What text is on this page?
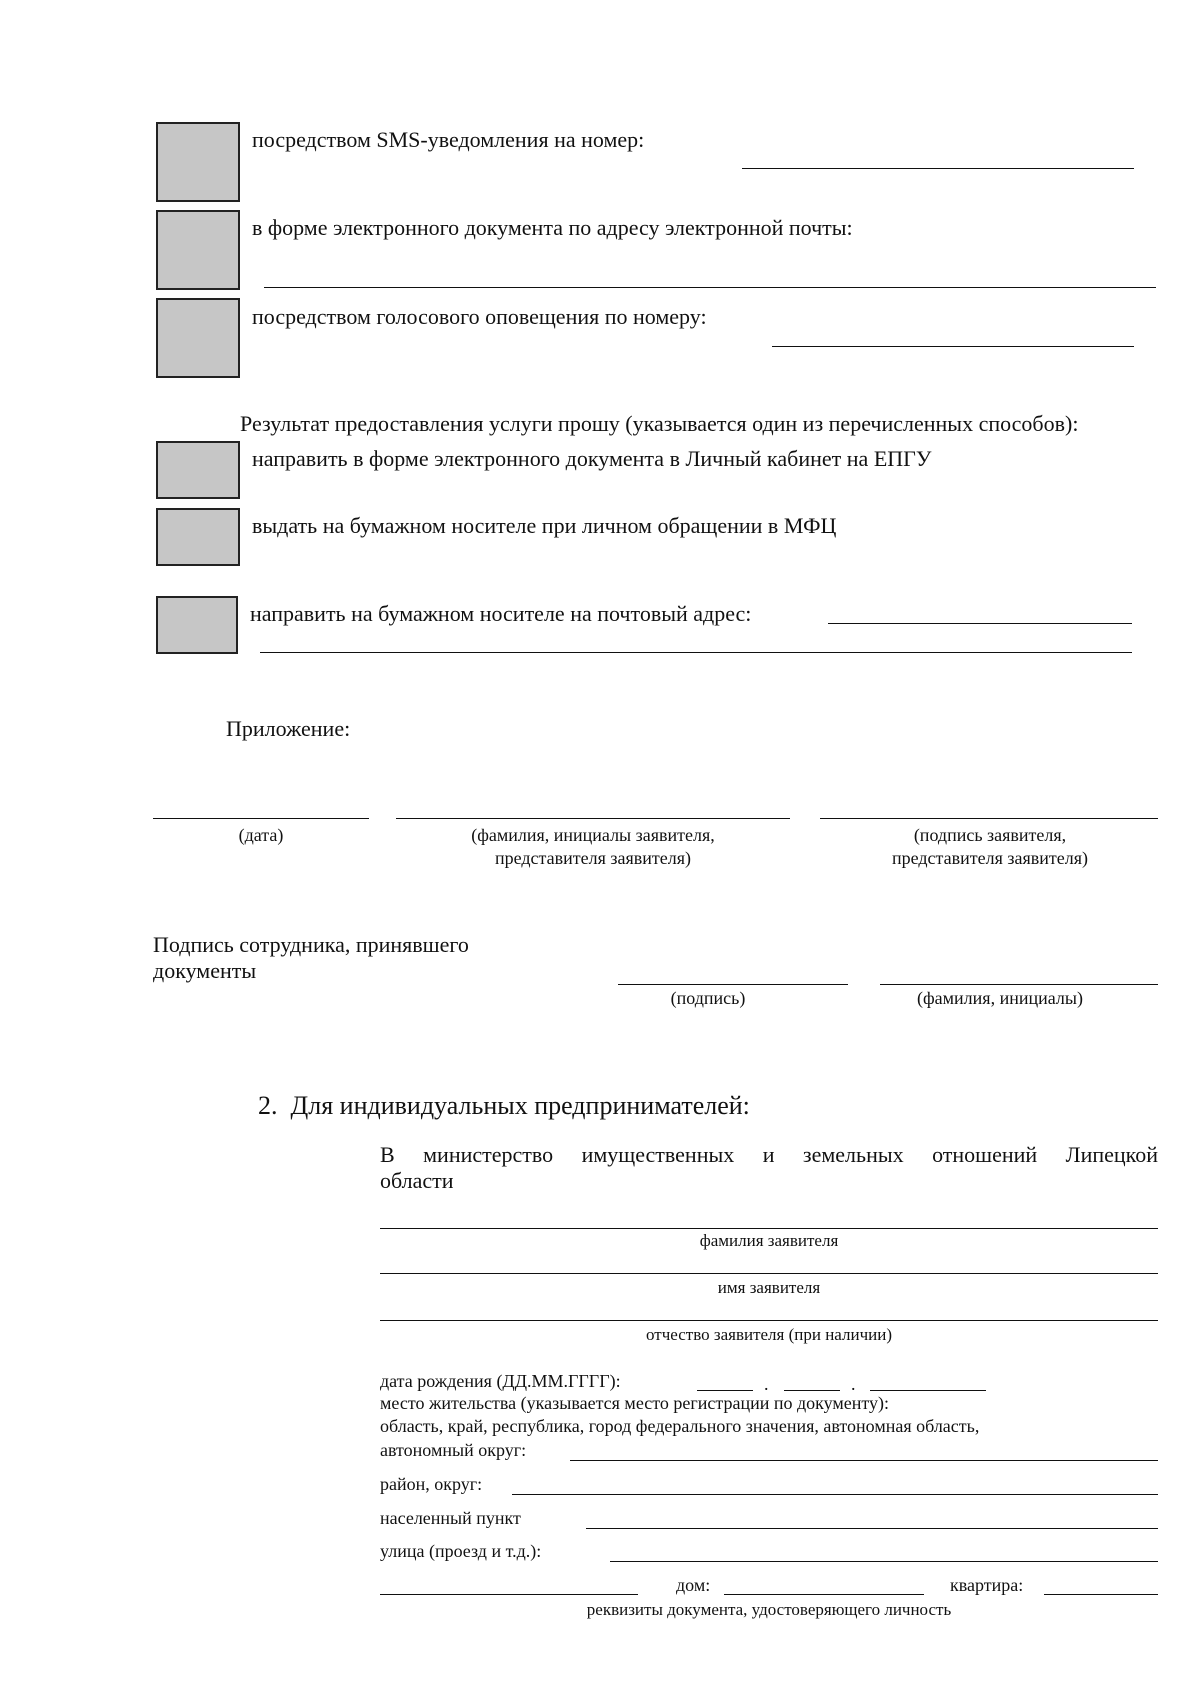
посредством SMS-уведомления на номер:
в форме электронного документа по адресу электронной почты:
посредством голосового оповещения по номеру:
Результат предоставления услуги прошу (указывается один из перечисленных способов):
направить в форме электронного документа в Личный кабинет на ЕПГУ
выдать на бумажном носителе при личном обращении в МФЦ
направить на бумажном носителе на почтовый адрес:
Приложение:
(дата)	(фамилия, инициалы заявителя,
представителя заявителя)
(подпись заявителя,
представителя заявителя)
Подпись сотрудника, принявшего
документы
(подпись)	(фамилия, инициалы)
2. Для индивидуальных предпринимателей:
В министерство имущественных и земельных отношений Липецкой
области
фамилия заявителя
имя заявителя
отчество заявителя (при наличии)
дата рождения (ДД.ММ.ГГГГ):	.	.
место жительства (указывается место регистрации по документу):
область, край, республика, город федерального значения, автономная область,
автономный округ:
район, округ:
населенный пункт
улица (проезд и т.д.):
дом:	квартира:
реквизиты документа, удостоверяющего личность
